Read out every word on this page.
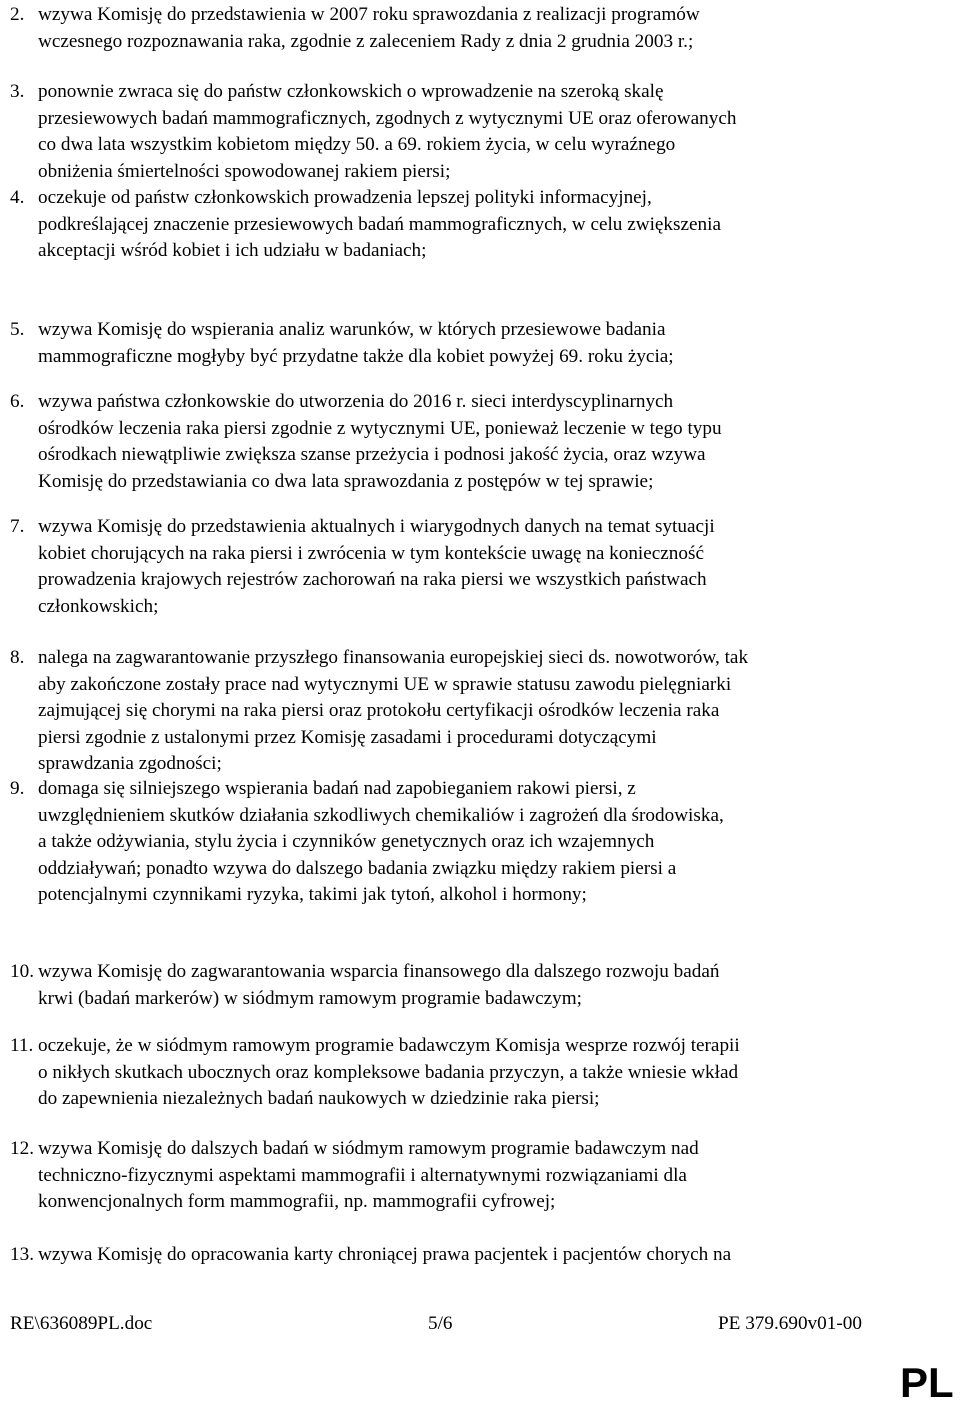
2. wzywa Komisję do przedstawienia w 2007 roku sprawozdania z realizacji programów
wczesnego rozpoznawania raka, zgodnie z zaleceniem Rady z dnia 2 grudnia 2003 r.;
3. ponownie zwraca się do państw członkowskich o wprowadzenie na szeroką skalę
przesiewowych badań mammograficznych, zgodnych z wytycznymi UE oraz oferowanych
co dwa lata wszystkim kobietom między 50. a 69. rokiem życia, w celu wyraźnego
obniżenia śmiertelności spowodowanej rakiem piersi;
4. oczekuje od państw członkowskich prowadzenia lepszej polityki informacyjnej,
podkreślającej znaczenie przesiewowych badań mammograficznych, w celu zwiększenia
akceptacji wśród kobiet i ich udziału w badaniach;
5. wzywa Komisję do wspierania analiz warunków, w których przesiewowe badania
mammograficzne mogłyby być przydatne także dla kobiet powyżej 69. roku życia;
6. wzywa państwa członkowskie do utworzenia do 2016 r. sieci interdyscyplinarnych
ośrodków leczenia raka piersi zgodnie z wytycznymi UE, ponieważ leczenie w tego typu
ośrodkach niewątpliwie zwiększa szanse przeżycia i podnosi jakość życia, oraz wzywa
Komisję do przedstawiania co dwa lata sprawozdania z postępów w tej sprawie;
7. wzywa Komisję do przedstawienia aktualnych i wiarygodnych danych na temat sytuacji
kobiet chorujących na raka piersi i zwrócenia w tym kontekście uwagę na konieczność
prowadzenia krajowych rejestrów zachorowań na raka piersi we wszystkich państwach
członkowskich;
8. nalega na zagwarantowanie przyszłego finansowania europejskiej sieci ds. nowotworów, tak
aby zakończone zostały prace nad wytycznymi UE w sprawie statusu zawodu pielęgniarki
zajmującej się chorymi na raka piersi oraz protokołu certyfikacji ośrodków leczenia raka
piersi zgodnie z ustalonymi przez Komisję zasadami i procedurami dotyczącymi
sprawdzania zgodności;
9. domaga się silniejszego wspierania badań nad zapobieganiem rakowi piersi, z
uwzględnieniem skutków działania szkodliwych chemikaliów i zagrożeń dla środowiska,
a także odżywiania, stylu życia i czynników genetycznych oraz ich wzajemnych
oddziaływań; ponadto wzywa do dalszego badania związku między rakiem piersi a
potencjalnymi czynnikami ryzyka, takimi jak tytoń, alkohol i hormony;
10. wzywa Komisję do zagwarantowania wsparcia finansowego dla dalszego rozwoju badań
krwi (badań markerów) w siódmym ramowym programie badawczym;
11. oczekuje, że w siódmym ramowym programie badawczym Komisja wesprze rozwój terapii
o nikłych skutkach ubocznych oraz kompleksowe badania przyczyn, a także wniesie wkład
do zapewnienia niezależnych badań naukowych w dziedzinie raka piersi;
12. wzywa Komisję do dalszych badań w siódmym ramowym programie badawczym nad
techniczno-fizycznymi aspektami mammografii i alternatywnymi rozwiązaniami dla
konwencjonalnych form mammografii, np. mammografii cyfrowej;
13. wzywa Komisję do opracowania karty chroniącej prawa pacjentek i pacjentów chorych na
RE\636089PL.doc	5/6	PE 379.690v01-00
PL
